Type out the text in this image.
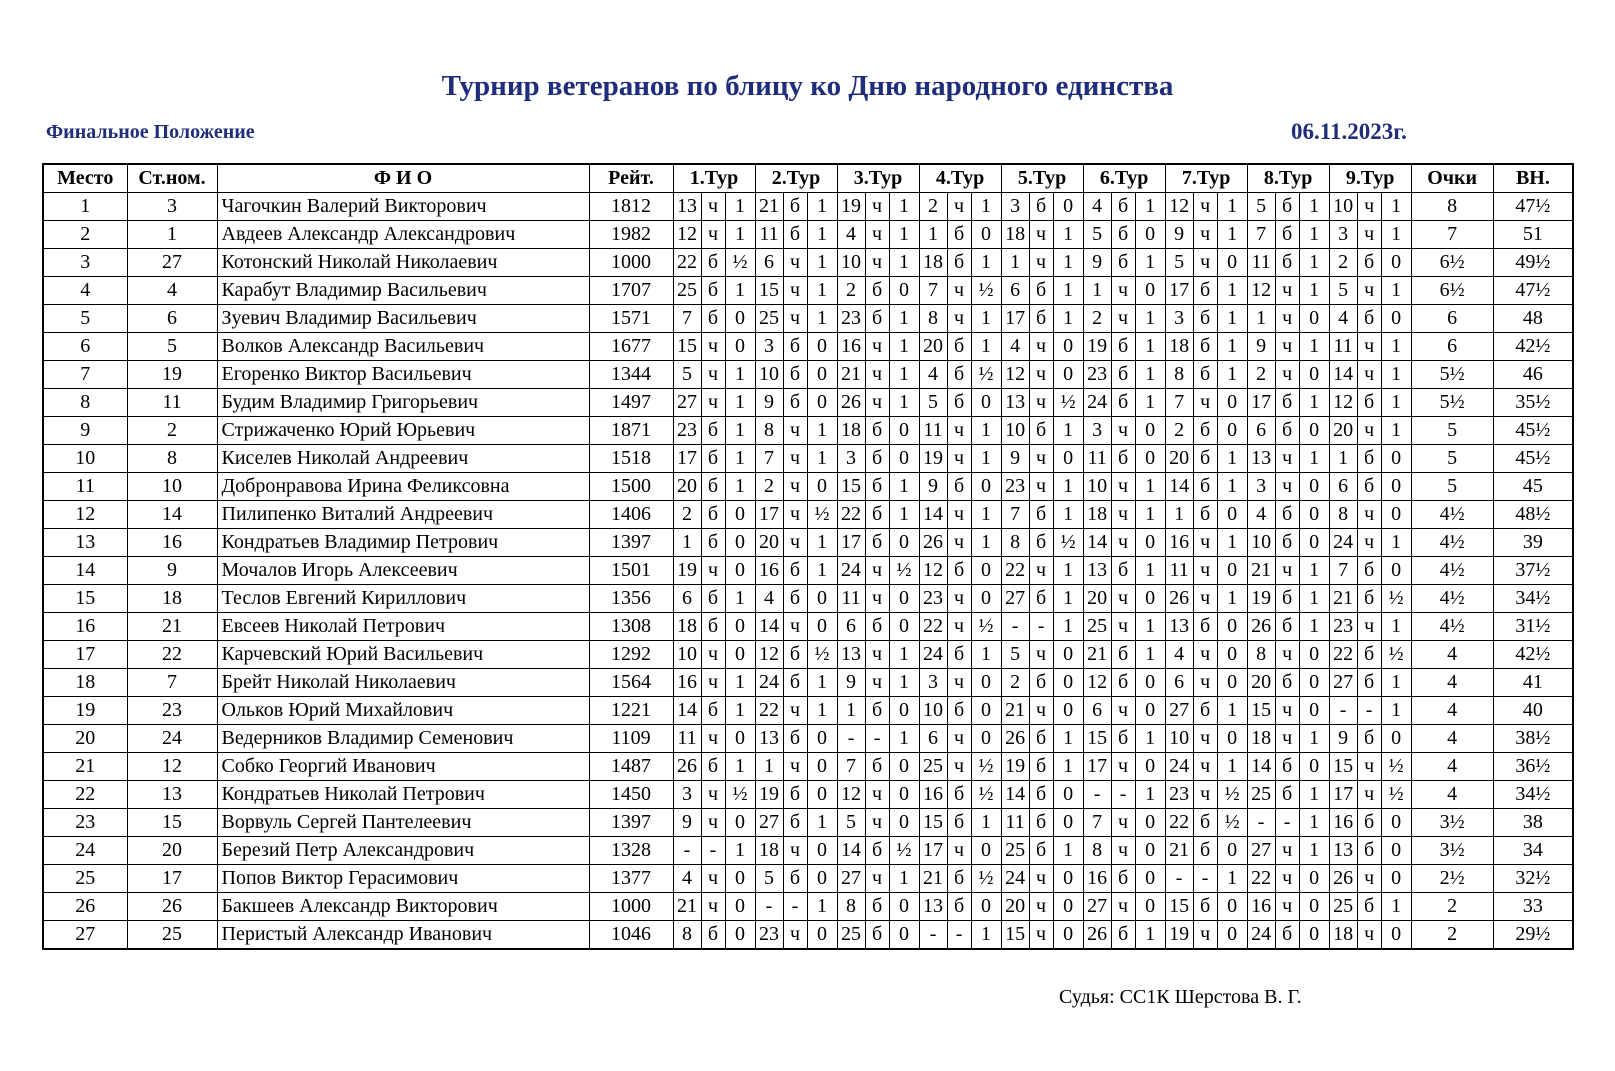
Турнир ветеранов по блицу ко Дню народного единства
Финальное Положение	06.11.2023г.
Место	Ст.ном.	Ф И О	Рейт.	1.Тур			2.Тур			3.Тур			4.Тур			5.Тур			6.Тур			7.Тур			8.Тур			9.Тур			Очки	ВН.
1	3	Чагочкин Валерий Викторович	1812	13	ч	1	21	б	1	19	ч	1	2	ч	1	3	б	0	4	б	1	12	ч	1	5	б	1	10	ч	1	8	47½
2	1	Авдеев Александр Александрович	1982	12	ч	1	11	б	1	4	ч	1	1	б	0	18	ч	1	5	б	0	9	ч	1	7	б	1	3	ч	1	7	51
3	27	Котонский Николай Николаевич	1000	22	б	½	6	ч	1	10	ч	1	18	б	1	1	ч	1	9	б	1	5	ч	0	11	б	1	2	б	0	6½	49½
4	4	Карабут Владимир Васильевич	1707	25	б	1	15	ч	1	2	б	0	7	ч	½	6	б	1	1	ч	0	17	б	1	12	ч	1	5	ч	1	6½	47½
5	6	Зуевич Владимир Васильевич	1571	7	б	0	25	ч	1	23	б	1	8	ч	1	17	б	1	2	ч	1	3	б	1	1	ч	0	4	б	0	6	48
6	5	Волков Александр Васильевич	1677	15	ч	0	3	б	0	16	ч	1	20	б	1	4	ч	0	19	б	1	18	б	1	9	ч	1	11	ч	1	6	42½
7	19	Егоренко Виктор Васильевич	1344	5	ч	1	10	б	0	21	ч	1	4	б	½	12	ч	0	23	б	1	8	б	1	2	ч	0	14	ч	1	5½	46
8	11	Будим Владимир Григорьевич	1497	27	ч	1	9	б	0	26	ч	1	5	б	0	13	ч	½	24	б	1	7	ч	0	17	б	1	12	б	1	5½	35½
9	2	Стрижаченко Юрий Юрьевич	1871	23	б	1	8	ч	1	18	б	0	11	ч	1	10	б	1	3	ч	0	2	б	0	6	б	0	20	ч	1	5	45½
10	8	Киселев Николай Андреевич	1518	17	б	1	7	ч	1	3	б	0	19	ч	1	9	ч	0	11	б	0	20	б	1	13	ч	1	1	б	0	5	45½
11	10	Добронравова Ирина Феликсовна	1500	20	б	1	2	ч	0	15	б	1	9	б	0	23	ч	1	10	ч	1	14	б	1	3	ч	0	6	б	0	5	45
12	14	Пилипенко Виталий Андреевич	1406	2	б	0	17	ч	½	22	б	1	14	ч	1	7	б	1	18	ч	1	1	б	0	4	б	0	8	ч	0	4½	48½
13	16	Кондратьев Владимир Петрович	1397	1	б	0	20	ч	1	17	б	0	26	ч	1	8	б	½	14	ч	0	16	ч	1	10	б	0	24	ч	1	4½	39
14	9	Мочалов Игорь Алексеевич	1501	19	ч	0	16	б	1	24	ч	½	12	б	0	22	ч	1	13	б	1	11	ч	0	21	ч	1	7	б	0	4½	37½
15	18	Теслов Евгений Кириллович	1356	6	б	1	4	б	0	11	ч	0	23	ч	0	27	б	1	20	ч	0	26	ч	1	19	б	1	21	б	½	4½	34½
16	21	Евсеев Николай Петрович	1308	18	б	0	14	ч	0	6	б	0	22	ч	½	-	-	1	25	ч	1	13	б	0	26	б	1	23	ч	1	4½	31½
17	22	Карчевский Юрий Васильевич	1292	10	ч	0	12	б	½	13	ч	1	24	б	1	5	ч	0	21	б	1	4	ч	0	8	ч	0	22	б	½	4	42½
18	7	Брейт Николай Николаевич	1564	16	ч	1	24	б	1	9	ч	1	3	ч	0	2	б	0	12	б	0	6	ч	0	20	б	0	27	б	1	4	41
19	23	Ольков Юрий Михайлович	1221	14	б	1	22	ч	1	1	б	0	10	б	0	21	ч	0	6	ч	0	27	б	1	15	ч	0	-	-	1	4	40
20	24	Ведерников Владимир Семенович	1109	11	ч	0	13	б	0	-	-	1	6	ч	0	26	б	1	15	б	1	10	ч	0	18	ч	1	9	б	0	4	38½
21	12	Собко Георгий Иванович	1487	26	б	1	1	ч	0	7	б	0	25	ч	½	19	б	1	17	ч	0	24	ч	1	14	б	0	15	ч	½	4	36½
22	13	Кондратьев Николай Петрович	1450	3	ч	½	19	б	0	12	ч	0	16	б	½	14	б	0	-	-	1	23	ч	½	25	б	1	17	ч	½	4	34½
23	15	Ворвуль Сергей Пантелеевич	1397	9	ч	0	27	б	1	5	ч	0	15	б	1	11	б	0	7	ч	0	22	б	½	-	-	1	16	б	0	3½	38
24	20	Березий Петр Александрович	1328	-	-	1	18	ч	0	14	б	½	17	ч	0	25	б	1	8	ч	0	21	б	0	27	ч	1	13	б	0	3½	34
25	17	Попов Виктор Герасимович	1377	4	ч	0	5	б	0	27	ч	1	21	б	½	24	ч	0	16	б	0	-	-	1	22	ч	0	26	ч	0	2½	32½
26	26	Бакшеев Александр Викторович	1000	21	ч	0	-	-	1	8	б	0	13	б	0	20	ч	0	27	ч	0	15	б	0	16	ч	0	25	б	1	2	33
27	25	Перистый Александр Иванович	1046	8	б	0	23	ч	0	25	б	0	-	-	1	15	ч	0	26	б	1	19	ч	0	24	б	0	18	ч	0	2	29½
Судья: СС1К Шерстова В. Г.
